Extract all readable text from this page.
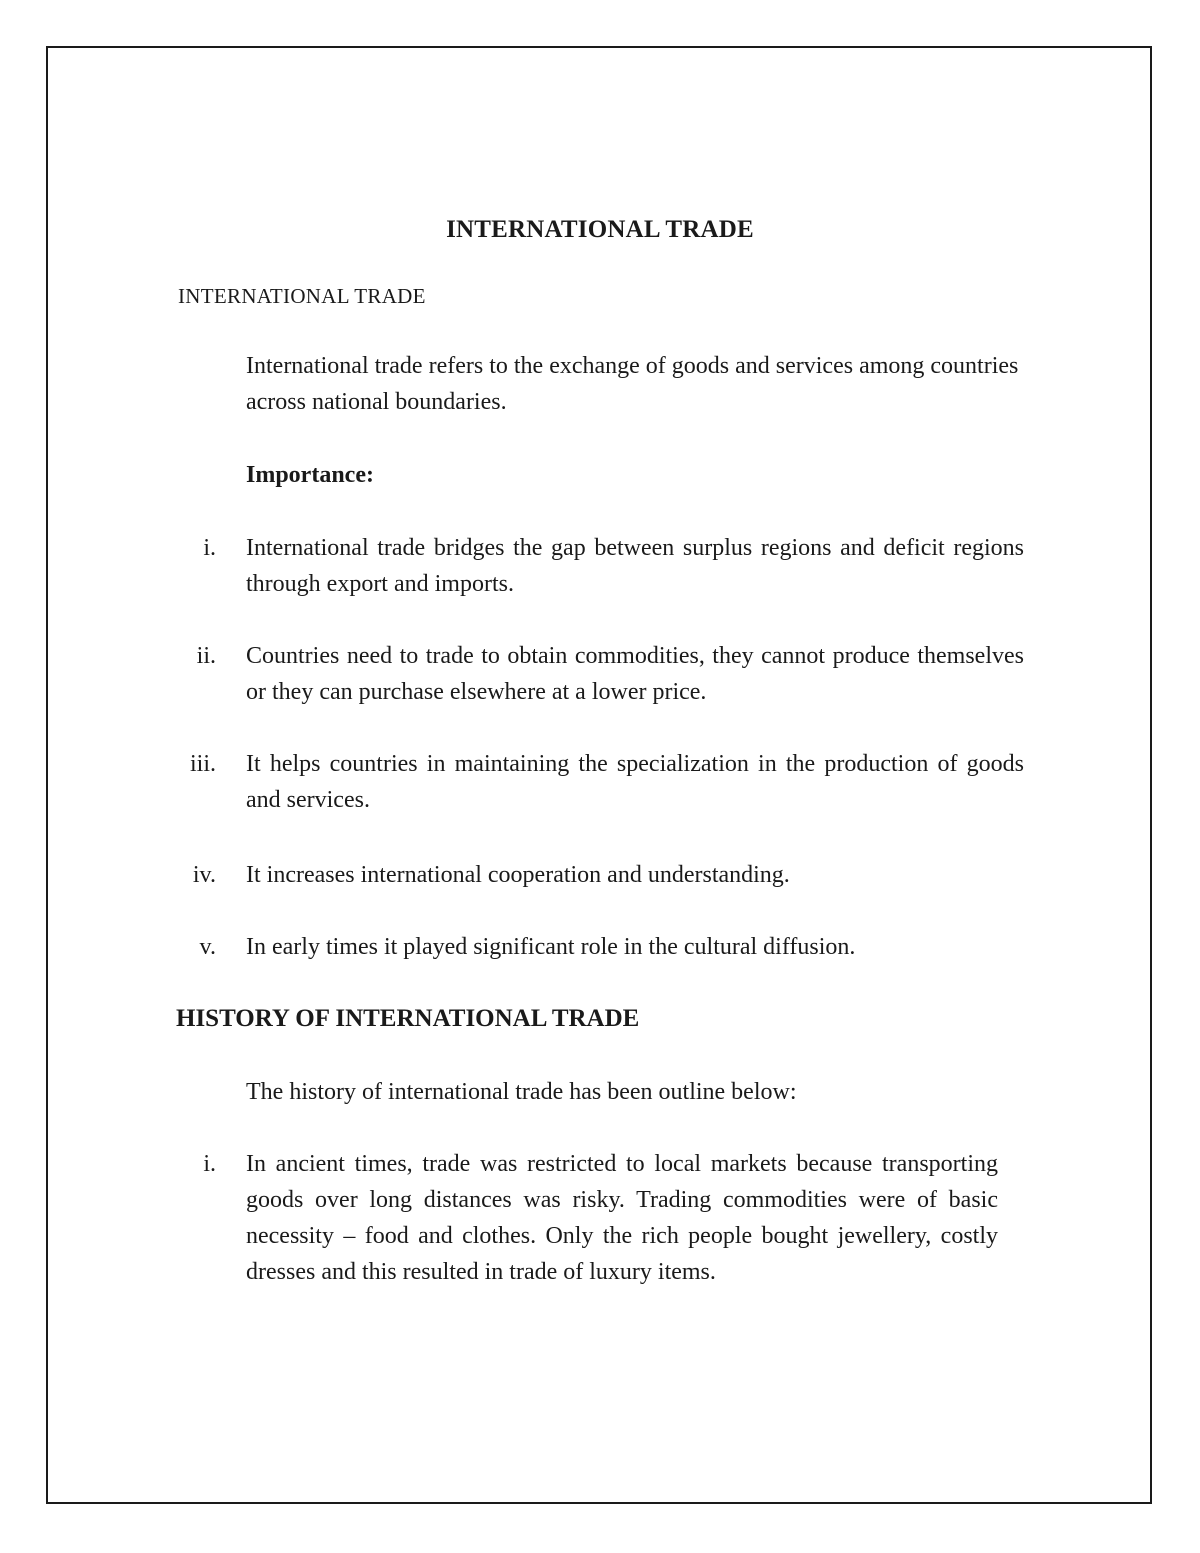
INTERNATIONAL TRADE
INTERNATIONAL TRADE
International trade refers to the exchange of goods and services among countries across national boundaries.
Importance:
i. International trade bridges the gap between surplus regions and deficit regions through export and imports.
ii. Countries need to trade to obtain commodities, they cannot produce themselves or they can purchase elsewhere at a lower price.
iii. It helps countries in maintaining the specialization in the production of goods and services.
iv. It increases international cooperation and understanding.
v. In early times it played significant role in the cultural diffusion.
HISTORY OF INTERNATIONAL TRADE
The history of international trade has been outline below:
i. In ancient times, trade was restricted to local markets because transporting goods over long distances was risky. Trading commodities were of basic necessity – food and clothes. Only the rich people bought jewellery, costly dresses and this resulted in trade of luxury items.
